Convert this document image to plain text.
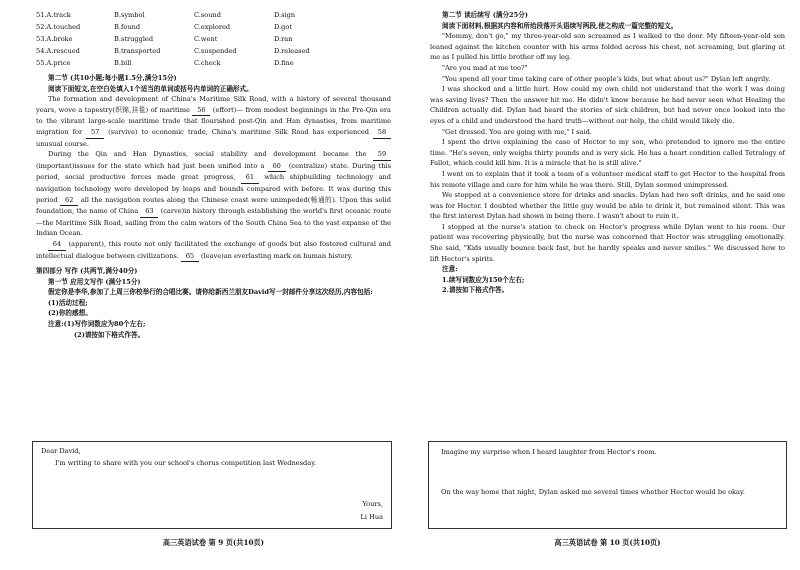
51.A.track	B.symbol	C.sound	D.sign
52.A.touched	B.found	C.explored	D.got
53.A.broke	B.struggled	C.went	D.ran
54.A.rescued	B.transported	C.suspended	D.released
55.A.price	B.bill	C.check	D.fine

第二节 (共10小题;每小题1.5分,满分15分)

阅读下面短文,在空白处填入1个适当的单词或括号内单词的正确形式。

The formation and development of China's Maritime Silk Road, with a history of several thousand years, wove a tapestry(织锦,挂毯) of maritime 56 (effort)— from modest beginnings in the Pre-Qin era to the vibrant large-scale maritime trade that flourished post-Qin and Han dynasties, from maritime migration for 57 (survive) to economic trade, China's maritime Silk Road has experienced 58 unusual course.

During the Qin and Han Dynasties, social stability and development became the 59 (important)issues for the state which had just been unified into a 60 (centralize) state. During this period, social productive forces made great progress, 61 which shipbuilding technology and navigation technology were developed by leaps and bounds compared with before. It was during this period 62 all the navigation routes along the Chinese coast were unimpeded(畅通的). Upon this solid foundation, the name of China 63 (carve)in history through establishing the world's first oceanic route—the Maritime Silk Road, sailing from the calm waters of the South China Sea to the vast expanse of the Indian Ocean.

64 (apparent), this route not only facilitated the exchange of goods but also fostered cultural and intellectual dialogue between civilizations. 65 (leave)an everlasting mark on human history.

第四部分 写作 (共两节,满分40分)

第一节 应用文写作 (满分15分)

假定你是李华,参加了上周三你校举行的合唱比赛。请你给新西兰朋友David写一封邮件分享这次经历,内容包括:

(1)活动过程;

(2)你的感想。

注意:(1)写作词数应为80个左右;

(2)请按如下格式作答。

Dear David,
I'm writing to share with you our school's chorus competition last Wednesday.
Yours,
Li Hua
高三英语试卷 第 9 页(共10页)

第二节 读后续写 (满分25分)

阅读下面材料,根据其内容和所给段落开头语续写两段,使之构成一篇完整的短文。

"Mommy, don't go," my three-year-old son screamed as I walked to the door. My fifteen-year-old son leaned against the kitchen counter with his arms folded across his chest, not screaming, but glaring at me as I pulled his little brother off my leg.

"Are you mad at me too?"

"You spend all your time taking care of other people's kids, but what about us?" Dylan left angrily.

I was shocked and a little hurt. How could my own child not understand that the work I was doing was saving lives? Then the answer hit me. He didn't know because he had never seen what Healing the Children actually did. Dylan had heard the stories of sick children, but had never once looked into the eyes of a child and understood the hard truth—without our help, the child would likely die.

"Get dressed. You are going with me," I said.

I spent the drive explaining the case of Hector to my son, who pretended to ignore me the entire time. "He's seven, only weighs thirty pounds and is very sick. He has a heart condition called Tetralogy of Fallot, which could kill him. It is a miracle that he is still alive."

I went on to explain that it took a team of a volunteer medical staff to get Hector to the hospital from his remote village and care for him while he was there. Still, Dylan seemed unimpressed.

We stopped at a convenience store for drinks and snacks. Dylan had two soft drinks, and he said one was for Hector. I doubted whether the little guy would be able to drink it, but remained silent. This was the first interest Dylan had shown in being there. I wasn't about to ruin it.

I stopped at the nurse's station to check on Hector's progress while Dylan went to his room. Our patient was recovering physically, but the nurse was concerned that Hector was struggling emotionally. She said, "Kids usually bounce back fast, but he hardly speaks and never smiles." We discussed how to lift Hector's spirits.

注意:

1.续写词数应为150个左右;

2.请按如下格式作答。

Imagine my surprise when I heard laughter from Hector's room.
On the way home that night, Dylan asked me several times whether Hector would be okay.
高三英语试卷 第 10 页(共10页)
